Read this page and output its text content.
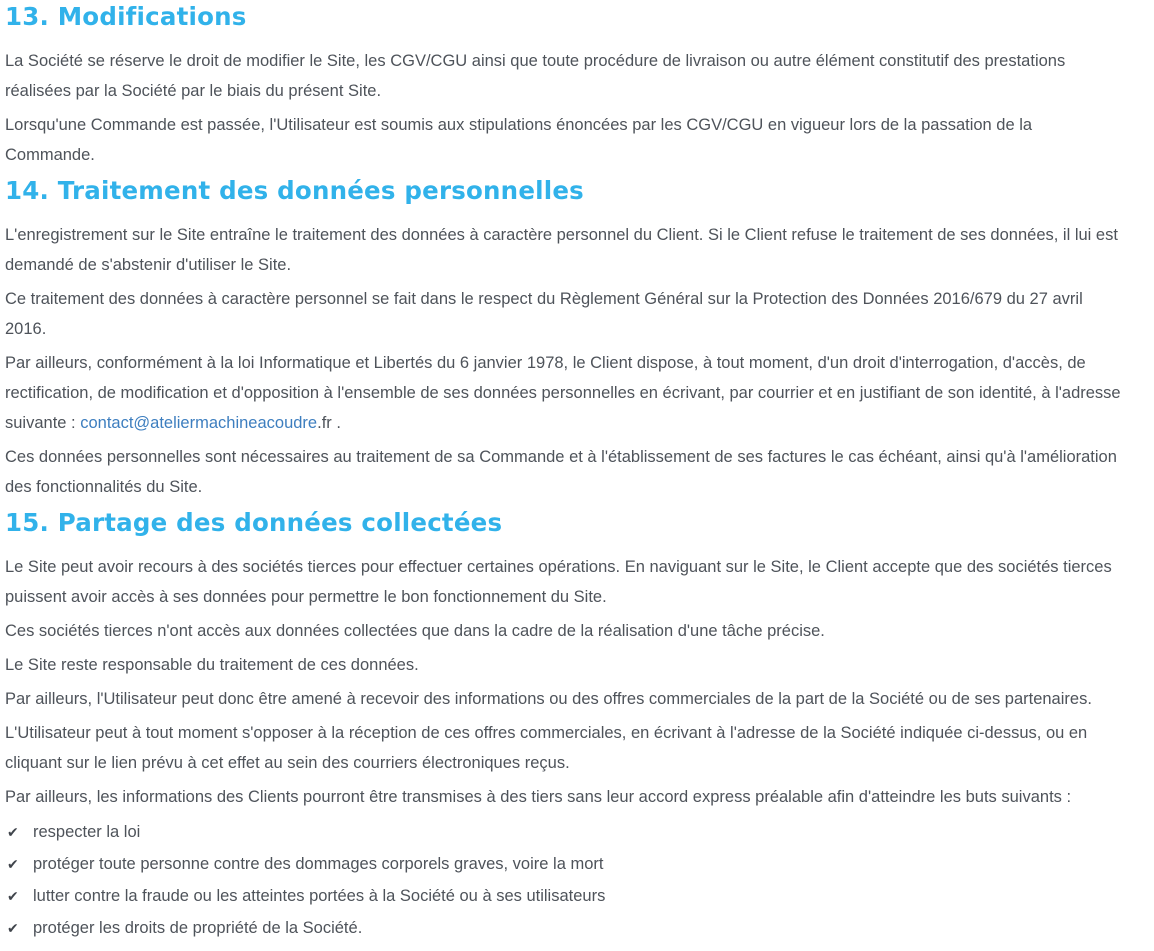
13. Modifications

La Société se réserve le droit de modifier le Site, les CGV/CGU ainsi que toute procédure de livraison ou autre élément constitutif des prestations réalisées par la Société par le biais du présent Site.

Lorsqu'une Commande est passée, l'Utilisateur est soumis aux stipulations énoncées par les CGV/CGU en vigueur lors de la passation de la Commande.

14. Traitement des données personnelles

L'enregistrement sur le Site entraîne le traitement des données à caractère personnel du Client. Si le Client refuse le traitement de ses données, il lui est demandé de s'abstenir d'utiliser le Site.

Ce traitement des données à caractère personnel se fait dans le respect du Règlement Général sur la Protection des Données 2016/679 du 27 avril 2016.

Par ailleurs, conformément à la loi Informatique et Libertés du 6 janvier 1978, le Client dispose, à tout moment, d'un droit d'interrogation, d'accès, de rectification, de modification et d'opposition à l'ensemble de ses données personnelles en écrivant, par courrier et en justifiant de son identité, à l'adresse suivante : contact@ateliermachineacoudre.fr .

Ces données personnelles sont nécessaires au traitement de sa Commande et à l'établissement de ses factures le cas échéant, ainsi qu'à l'amélioration des fonctionnalités du Site.

15. Partage des données collectées

Le Site peut avoir recours à des sociétés tierces pour effectuer certaines opérations. En naviguant sur le Site, le Client accepte que des sociétés tierces puissent avoir accès à ses données pour permettre le bon fonctionnement du Site.

Ces sociétés tierces n'ont accès aux données collectées que dans la cadre de la réalisation d'une tâche précise.

Le Site reste responsable du traitement de ces données.

Par ailleurs, l'Utilisateur peut donc être amené à recevoir des informations ou des offres commerciales de la part de la Société ou de ses partenaires.

L'Utilisateur peut à tout moment s'opposer à la réception de ces offres commerciales, en écrivant à l'adresse de la Société indiquée ci-dessus, ou en cliquant sur le lien prévu à cet effet au sein des courriers électroniques reçus.

Par ailleurs, les informations des Clients pourront être transmises à des tiers sans leur accord express préalable afin d'atteindre les buts suivants :

✔ respecter la loi
✔ protéger toute personne contre des dommages corporels graves, voire la mort
✔ lutter contre la fraude ou les atteintes portées à la Société ou à ses utilisateurs
✔ protéger les droits de propriété de la Société.
